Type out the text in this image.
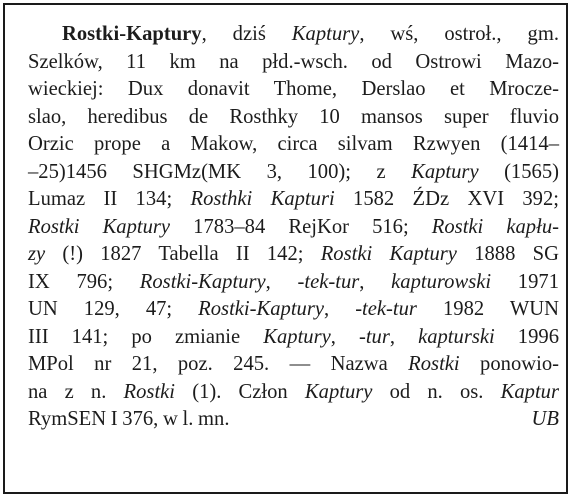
Rostki-Kaptury, dziś Kaptury, wś, ostroł., gm.
Szelków, 11 km na płd.-wsch. od Ostrowi Mazo-
wieckiej: Dux donavit Thome, Derslao et Mrocze-
slao, heredibus de Rosthky 10 mansos super fluvio
Orzic prope a Makow, circa silvam Rzwyen (1414–
–25)1456 SHGMz(MK 3, 100); z Kaptury (1565)
Lumaz II 134; Rosthki Kapturi 1582 ŹDz XVI 392;
Rostki Kaptury 1783–84 RejKor 516; Rostki kapłu-
zy (!) 1827 Tabella II 142; Rostki Kaptury 1888 SG
IX 796; Rostki-Kaptury, -tek-tur, kapturowski 1971
UN 129, 47; Rostki-Kaptury, -tek-tur 1982 WUN
III 141; po zmianie Kaptury, -tur, kapturski 1996
MPol nr 21, poz. 245. — Nazwa Rostki ponowio-
na z n. Rostki (1). Człon Kaptury od n. os. Kaptur
RymSEN I 376, w l. mn.	UB
